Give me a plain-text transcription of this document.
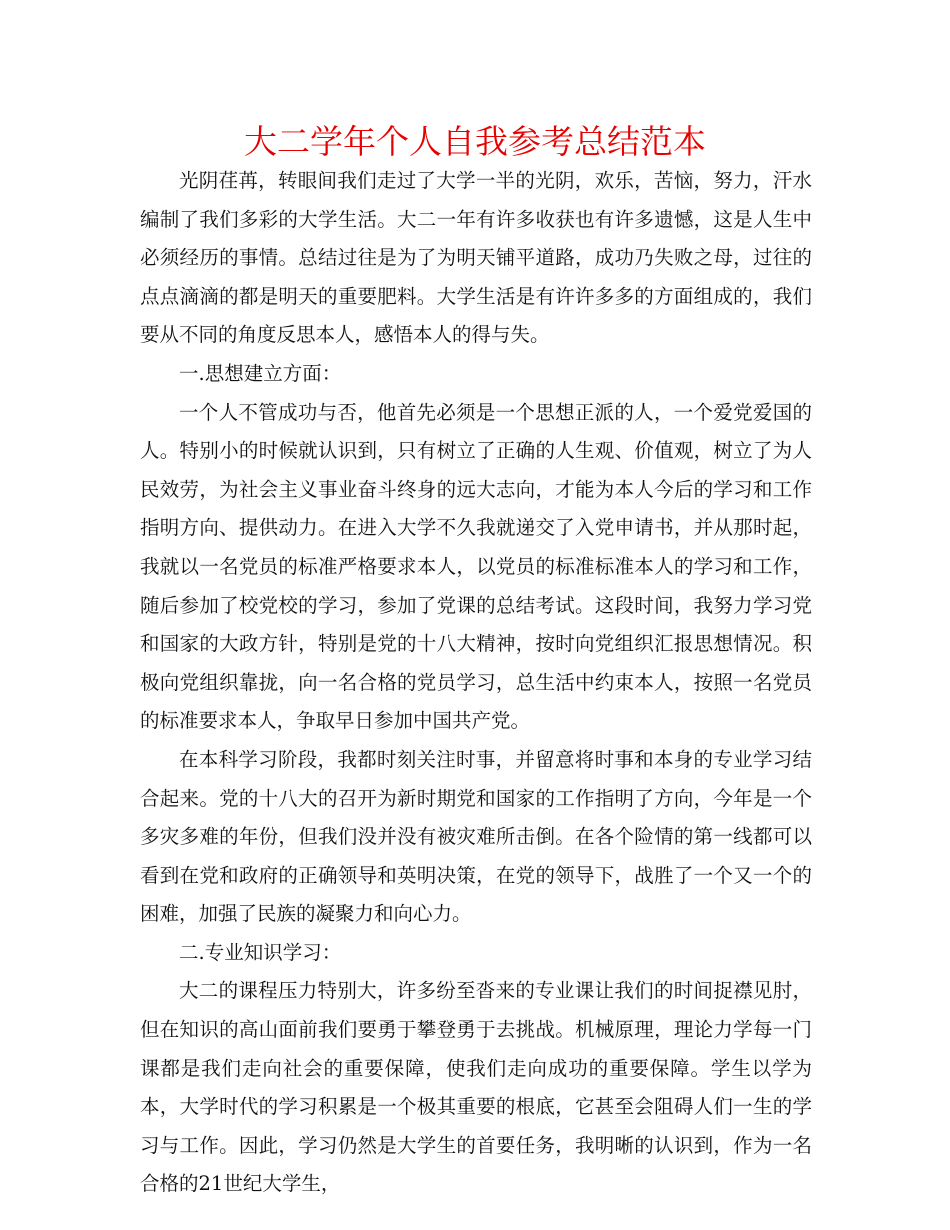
大二学年个人自我参考总结范本

光阴荏苒，转眼间我们走过了大学一半的光阴，欢乐，苦恼，努力，汗水编制了我们多彩的大学生活。大二一年有许多收获也有许多遗憾，这是人生中必须经历的事情。总结过往是为了为明天铺平道路，成功乃失败之母，过往的点点滴滴的都是明天的重要肥料。大学生活是有许许多多的方面组成的，我们要从不同的角度反思本人，感悟本人的得与失。

一.思想建立方面：

一个人不管成功与否，他首先必须是一个思想正派的人，一个爱党爱国的人。特别小的时候就认识到，只有树立了正确的人生观、价值观，树立了为人民效劳，为社会主义事业奋斗终身的远大志向，才能为本人今后的学习和工作指明方向、提供动力。在进入大学不久我就递交了入党申请书，并从那时起，我就以一名党员的标准严格要求本人，以党员的标准标准本人的学习和工作，随后参加了校党校的学习，参加了党课的总结考试。这段时间，我努力学习党和国家的大政方针，特别是党的十八大精神，按时向党组织汇报思想情况。积极向党组织靠拢，向一名合格的党员学习，总生活中约束本人，按照一名党员的标准要求本人，争取早日参加中国共产党。

在本科学习阶段，我都时刻关注时事，并留意将时事和本身的专业学习结合起来。党的十八大的召开为新时期党和国家的工作指明了方向，今年是一个多灾多难的年份，但我们没并没有被灾难所击倒。在各个险情的第一线都可以看到在党和政府的正确领导和英明决策，在党的领导下，战胜了一个又一个的困难，加强了民族的凝聚力和向心力。

二.专业知识学习：

大二的课程压力特别大，许多纷至沓来的专业课让我们的时间捉襟见肘，但在知识的高山面前我们要勇于攀登勇于去挑战。机械原理，理论力学每一门课都是我们走向社会的重要保障，使我们走向成功的重要保障。学生以学为本，大学时代的学习积累是一个极其重要的根底，它甚至会阻碍人们一生的学习与工作。因此，学习仍然是大学生的首要任务，我明晰的认识到，作为一名合格的21世纪大学生，
